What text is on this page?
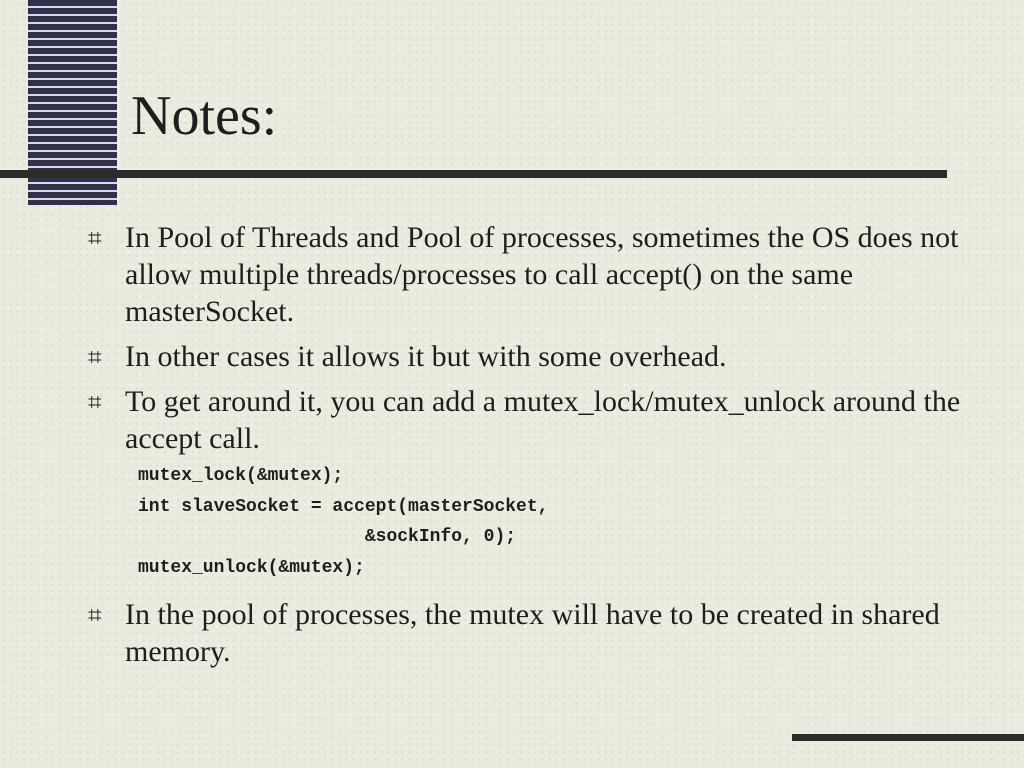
Notes:
⌗ In Pool of Threads and Pool of processes, sometimes the OS does not allow multiple threads/processes to call accept() on the same masterSocket.
⌗ In other cases it allows it but with some overhead.
⌗ To get around it, you can add a mutex_lock/mutex_unlock around the accept call.
mutex_lock(&mutex);
int slaveSocket = accept(masterSocket,
&sockInfo, 0);
mutex_unlock(&mutex);
⌗ In the pool of processes, the mutex will have to be created in shared memory.
